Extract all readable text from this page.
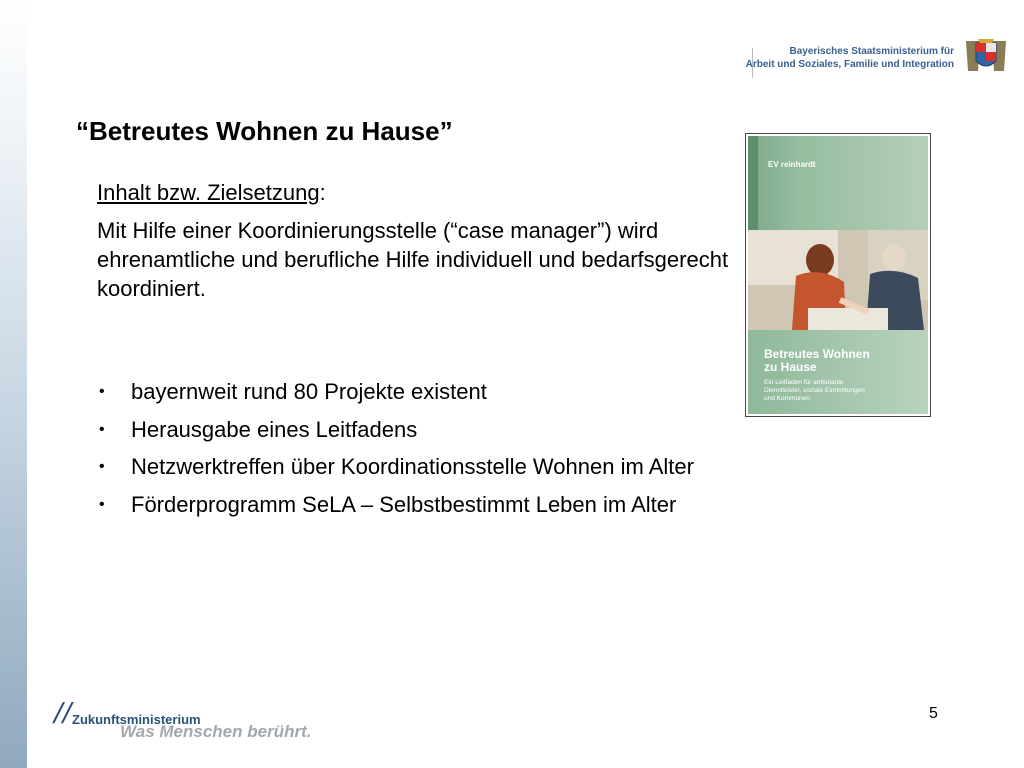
Bayerisches Staatsministerium für
Arbeit und Soziales, Familie und Integration
“Betreutes Wohnen zu Hause”
Inhalt bzw. Zielsetzung:
Mit Hilfe einer Koordinierungsstelle (“case manager”) wird ehrenamtliche und berufliche Hilfe individuell und bedarfsgerecht koordiniert.
• bayernweit rund 80 Projekte existent
• Herausgabe eines Leitfadens
• Netzwerktreffen über Koordinationsstelle Wohnen im Alter
• Förderprogramm SeLA – Selbstbestimmt Leben im Alter
EV reinhardt
Betreutes Wohnen
zu Hause
Ein Leitfaden für ambulante
Dienstleister, soziale Einrichtungen
und Kommunen
// Zukunftsministerium
Was Menschen berührt.
5
